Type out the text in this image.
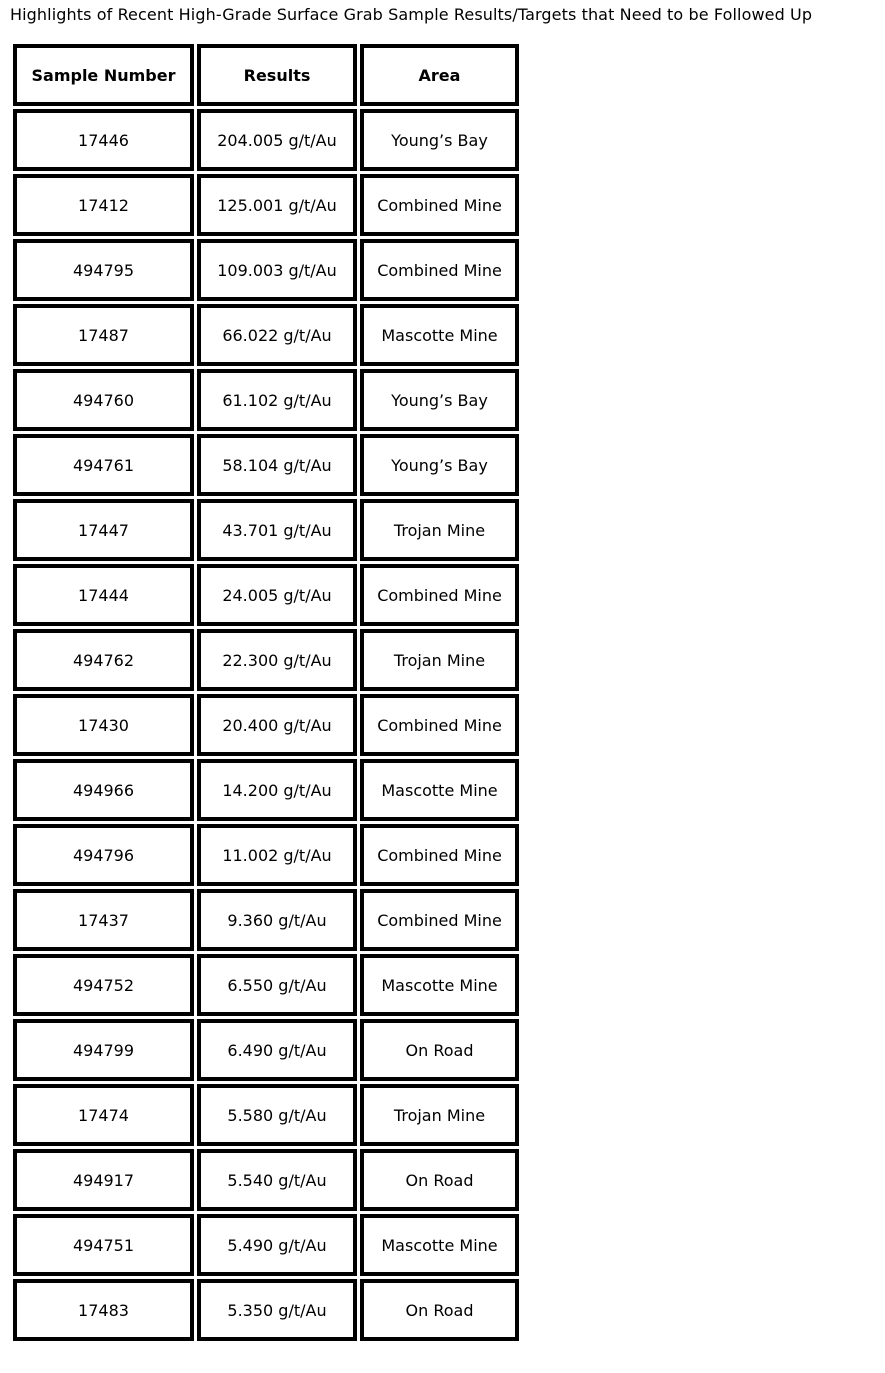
Highlights of Recent High-Grade Surface Grab Sample Results/Targets that Need to be Followed Up
Sample Number	Results	Area
17446	204.005 g/t/Au	Young’s Bay
17412	125.001 g/t/Au	Combined Mine
494795	109.003 g/t/Au	Combined Mine
17487	66.022 g/t/Au	Mascotte Mine
494760	61.102 g/t/Au	Young’s Bay
494761	58.104 g/t/Au	Young’s Bay
17447	43.701 g/t/Au	Trojan Mine
17444	24.005 g/t/Au	Combined Mine
494762	22.300 g/t/Au	Trojan Mine
17430	20.400 g/t/Au	Combined Mine
494966	14.200 g/t/Au	Mascotte Mine
494796	11.002 g/t/Au	Combined Mine
17437	9.360 g/t/Au	Combined Mine
494752	6.550 g/t/Au	Mascotte Mine
494799	6.490 g/t/Au	On Road
17474	5.580 g/t/Au	Trojan Mine
494917	5.540 g/t/Au	On Road
494751	5.490 g/t/Au	Mascotte Mine
17483	5.350 g/t/Au	On Road
